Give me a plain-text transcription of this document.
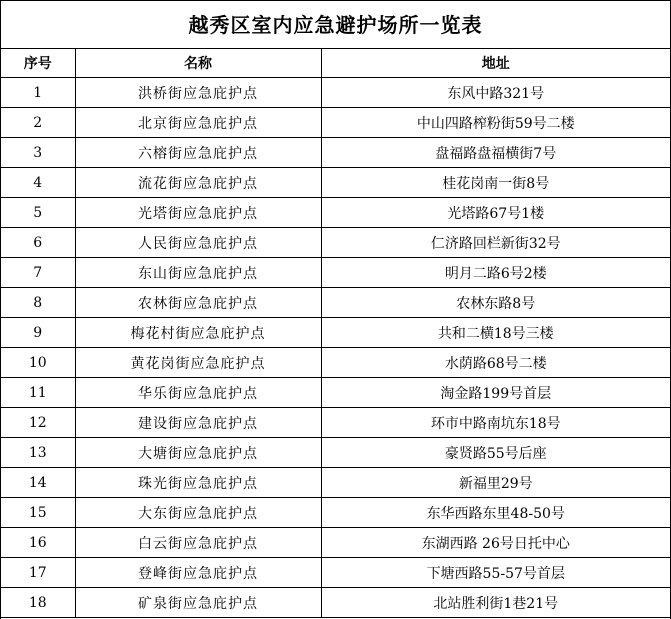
越秀区室内应急避护场所一览表
序号	名称	地址
1	洪桥街应急庇护点	东风中路321号
2	北京街应急庇护点	中山四路榨粉街59号二楼
3	六榕街应急庇护点	盘福路盘福横街7号
4	流花街应急庇护点	桂花岗南一街8号
5	光塔街应急庇护点	光塔路67号1楼
6	人民街应急庇护点	仁济路回栏新街32号
7	东山街应急庇护点	明月二路6号2楼
8	农林街应急庇护点	农林东路8号
9	梅花村街应急庇护点	共和二横18号三楼
10	黄花岗街应急庇护点	水荫路68号二楼
11	华乐街应急庇护点	淘金路199号首层
12	建设街应急庇护点	环市中路南坑东18号
13	大塘街应急庇护点	豪贤路55号后座
14	珠光街应急庇护点	新福里29号
15	大东街应急庇护点	东华西路东里48-50号
16	白云街应急庇护点	东湖西路 26号日托中心
17	登峰街应急庇护点	下塘西路55-57号首层
18	矿泉街应急庇护点	北站胜利街1巷21号
